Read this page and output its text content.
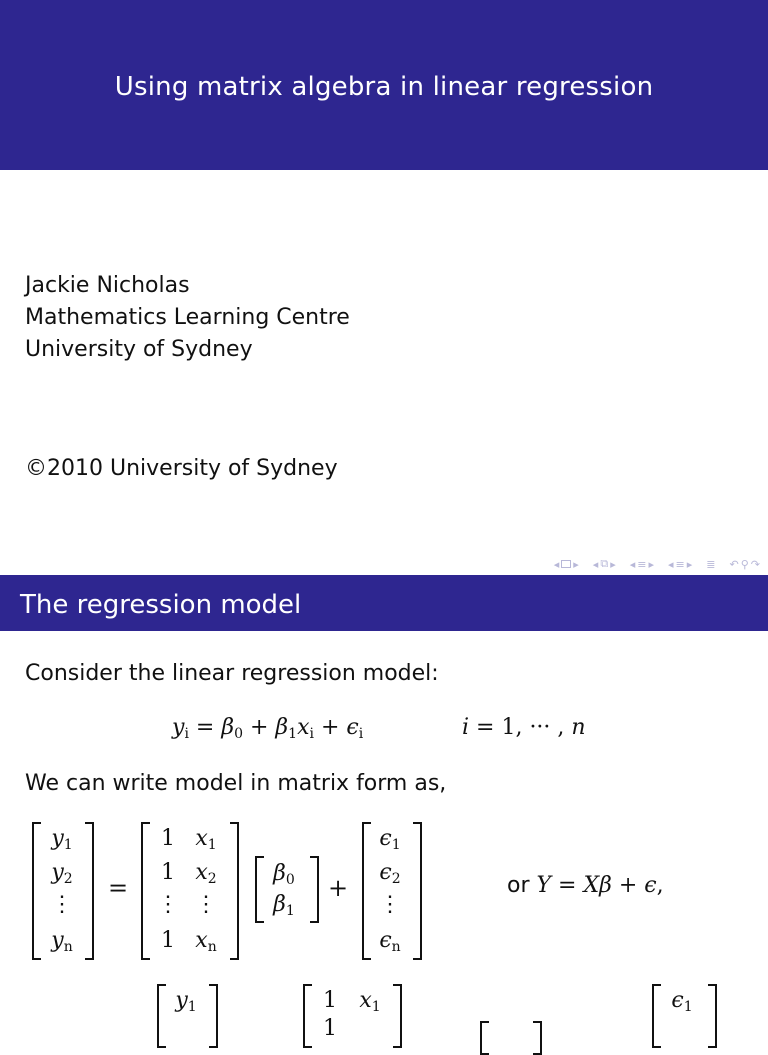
Using matrix algebra in linear regression
Jackie Nicholas
Mathematics Learning Centre
University of Sydney
©2010 University of Sydney
◂ ▸ ◂ ⧉ ▸ ◂ ≡ ▸ ◂ ≡ ▸ ≣ ↶ ⚲ ↷
The regression model
Consider the linear regression model:
$y_i = \beta_0 + \beta_1x_i + \epsilon_i$	i = 1, ··· , n
We can write model in matrix form as,
$y_1$
$y_2$
⋮
$y_n$
=
1 $x_1$
1 $x_2$
⋮ ⋮
1 $x_n$
$\beta_0$
$\beta_1$
+
$\epsilon_1$
$\epsilon_2$
⋮
$\epsilon_n$
or Y = Xβ + ϵ,
$y_1$	1	$x_1$
1
$\epsilon_1$
